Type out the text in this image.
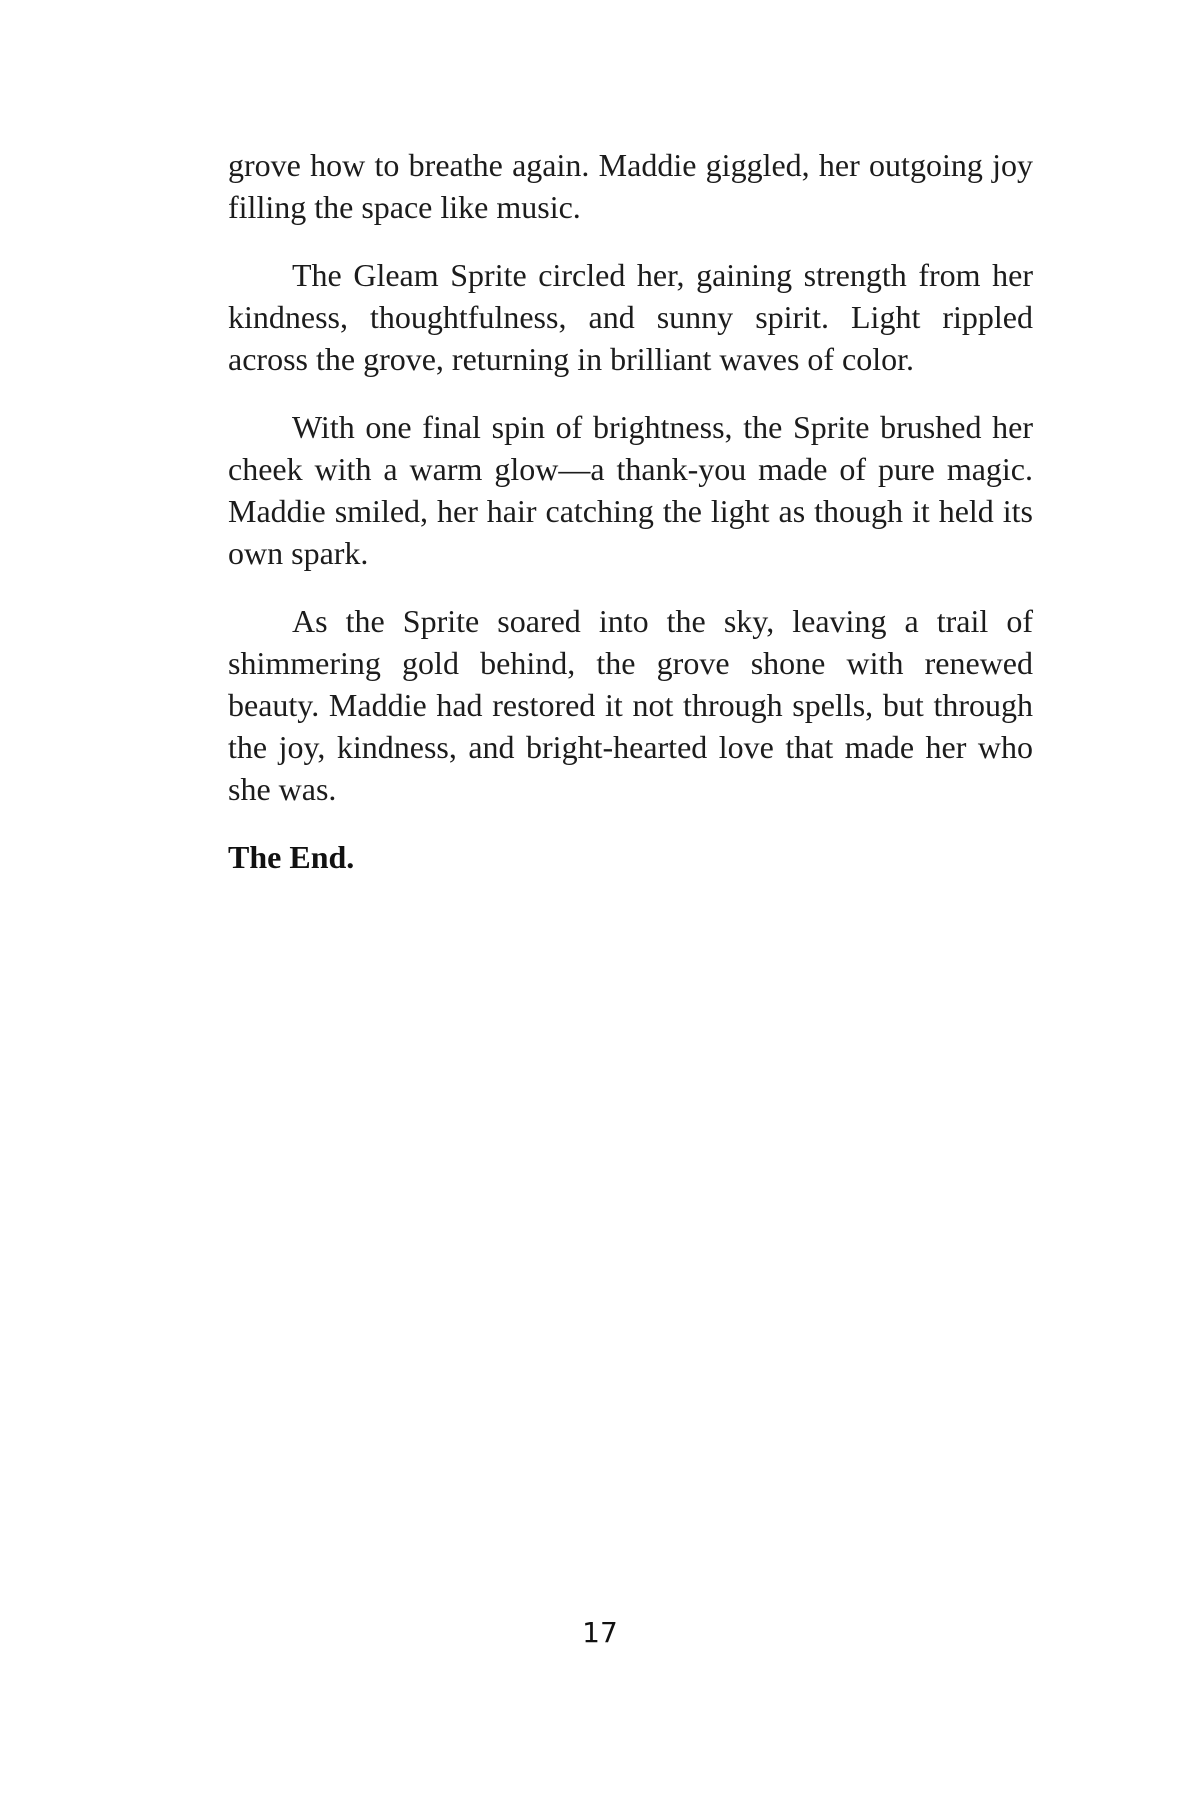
grove how to breathe again. Maddie giggled, her outgoing joy filling the space like music.

The Gleam Sprite circled her, gaining strength from her kindness, thoughtfulness, and sunny spirit. Light rippled across the grove, returning in brilliant waves of color.

With one final spin of brightness, the Sprite brushed her cheek with a warm glow—a thank-you made of pure magic. Maddie smiled, her hair catching the light as though it held its own spark.

As the Sprite soared into the sky, leaving a trail of shimmering gold behind, the grove shone with renewed beauty. Maddie had restored it not through spells, but through the joy, kindness, and bright-hearted love that made her who she was.

The End.

17
